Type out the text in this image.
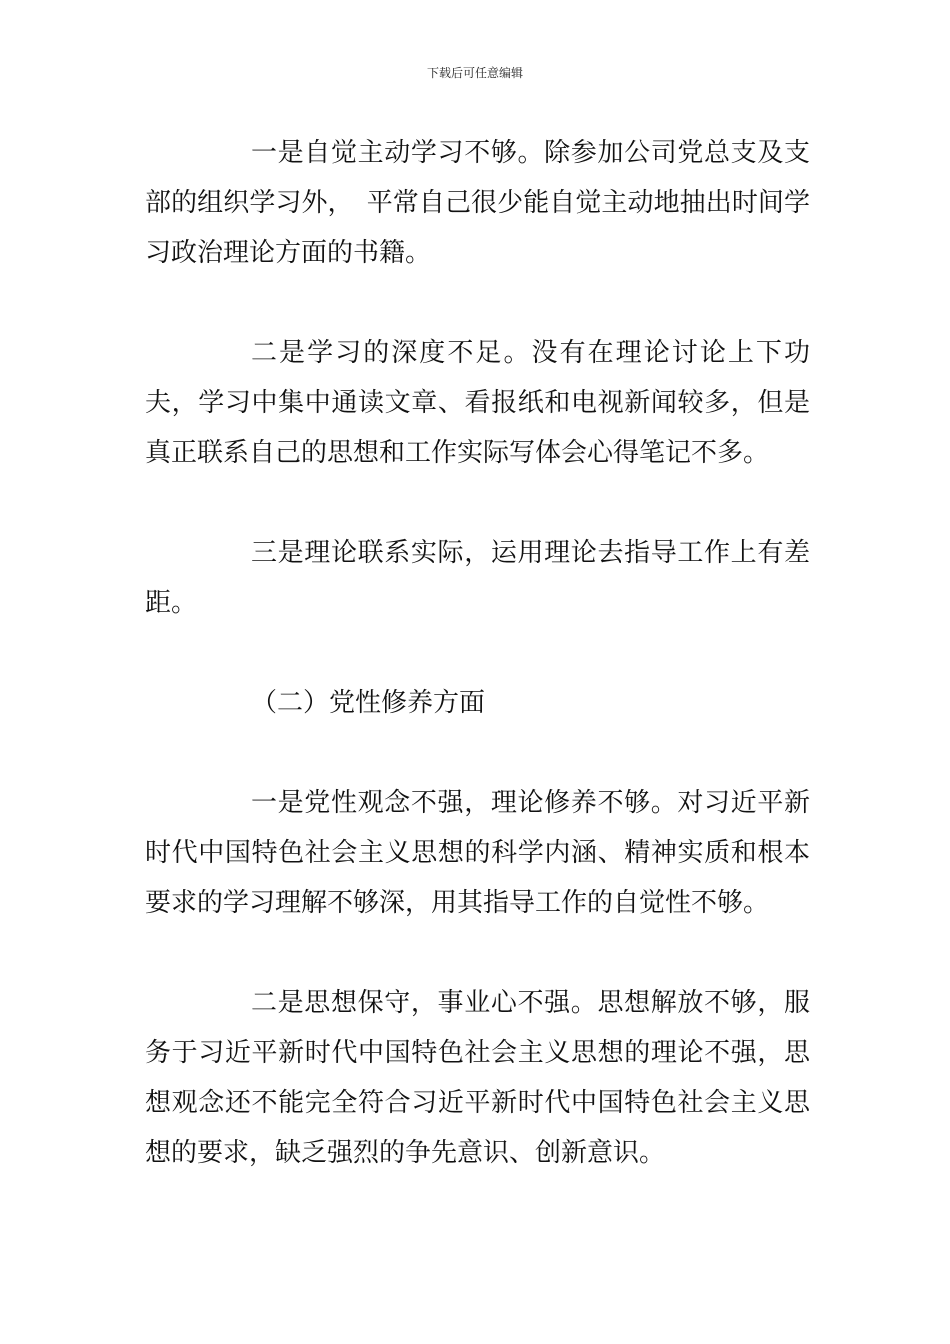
下载后可任意编辑

一是自觉主动学习不够。除参加公司党总支及支部的组织学习外，　平常自己很少能自觉主动地抽出时间学习政治理论方面的书籍。

二是学习的深度不足。没有在理论讨论上下功夫，学习中集中通读文章、看报纸和电视新闻较多，但是真正联系自己的思想和工作实际写体会心得笔记不多。

三是理论联系实际，运用理论去指导工作上有差距。

（二）党性修养方面

一是党性观念不强，理论修养不够。对习近平新时代中国特色社会主义思想的科学内涵、精神实质和根本要求的学习理解不够深，用其指导工作的自觉性不够。

二是思想保守，事业心不强。思想解放不够，服务于习近平新时代中国特色社会主义思想的理论不强，思想观念还不能完全符合习近平新时代中国特色社会主义思想的要求，缺乏强烈的争先意识、创新意识。
